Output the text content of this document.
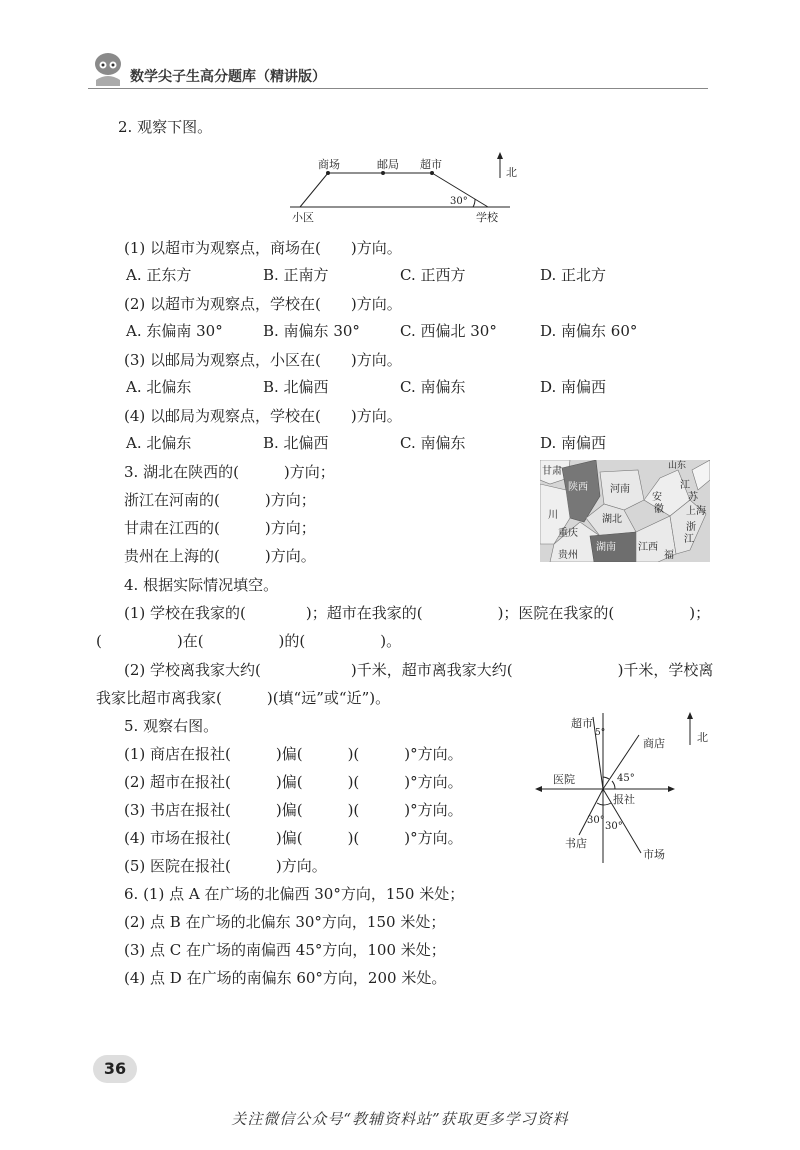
数学尖子生高分题库（精讲版）
2. 观察下图。
商场	邮局 超市
北
小区	学校
30°
(1) 以超市为观察点，商场在(　　)方向。
A. 正东方	B. 正南方	C. 正西方	D. 正北方
(2) 以超市为观察点，学校在(　　)方向。
A. 东偏南 30°	B. 南偏东 30°	C. 西偏北 30°	D. 南偏东 60°
(3) 以邮局为观察点，小区在(　　)方向。
A. 北偏东	B. 北偏西	C. 南偏东	D. 南偏西
(4) 以邮局为观察点，学校在(　　)方向。
A. 北偏东	B. 北偏西	C. 南偏东	D. 南偏西
3. 湖北在陕西的(　　　)方向；
浙江在河南的(　　　)方向；
甘肃在江西的(　　　)方向；
贵州在上海的(　　　)方向。
甘肃	山东
江
陕西 河南
苏
安
徽 上海
川	湖北
浙
重庆
江
贵州
湖南 江西
福
4. 根据实际情况填空。
(1) 学校在我家的(　　　　)；超市在我家的(　　　　　)；医院在我家的(　　　　　)；
(　　　　　)在(　　　　　)的(　　　　　)。
(2) 学校离我家大约(　　　　　　)千米，超市离我家大约(　　　　　　　)千米，学校离
我家比超市离我家(　　　)(填“远”或“近”)。
5. 观察右图。
(1) 商店在报社(　　　)偏(　　　)(　　　)°方向。
(2) 超市在报社(　　　)偏(　　　)(　　　)°方向。
(3) 书店在报社(　　　)偏(　　　)(　　　)°方向。
(4) 市场在报社(　　　)偏(　　　)(　　　)°方向。
(5) 医院在报社(　　　)方向。
超市
5°
商店	北
医院	45°
报社
30°
30°
书店
市场
6. (1) 点 A 在广场的北偏西 30°方向，150 米处；
(2) 点 B 在广场的北偏东 30°方向，150 米处；
(3) 点 C 在广场的南偏西 45°方向，100 米处；
(4) 点 D 在广场的南偏东 60°方向，200 米处。
36
关注微信公众号“教辅资料站”获取更多学习资料
